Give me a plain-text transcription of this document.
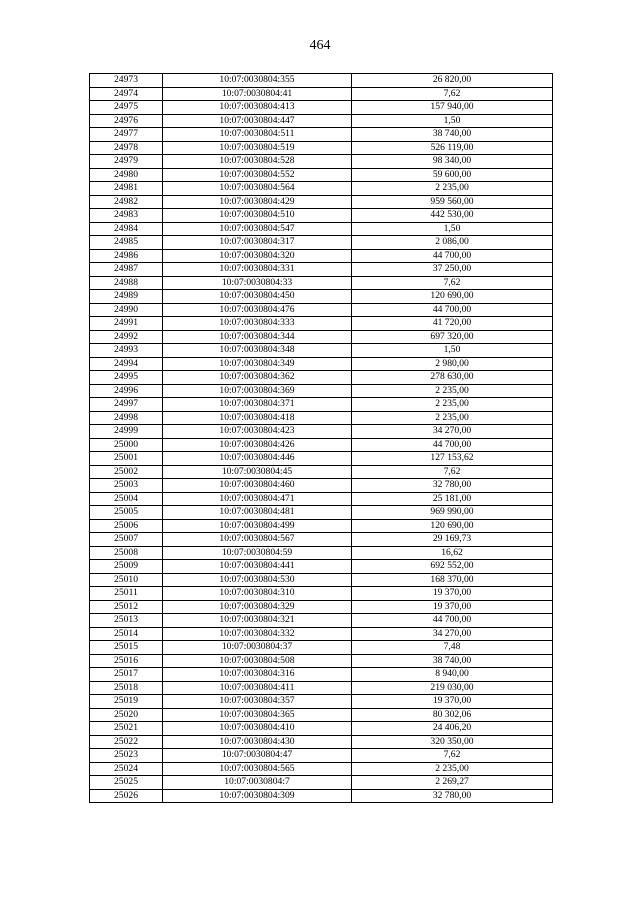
464
24973	10:07:0030804:355	26 820,00
24974	10:07:0030804:41	7,62
24975	10:07:0030804:413	157 940,00
24976	10:07:0030804:447	1,50
24977	10:07:0030804:511	38 740,00
24978	10:07:0030804:519	526 119,00
24979	10:07:0030804:528	98 340,00
24980	10:07:0030804:552	59 600,00
24981	10:07:0030804:564	2 235,00
24982	10:07:0030804:429	959 560,00
24983	10:07:0030804:510	442 530,00
24984	10:07:0030804:547	1,50
24985	10:07:0030804:317	2 086,00
24986	10:07:0030804:320	44 700,00
24987	10:07:0030804:331	37 250,00
24988	10:07:0030804:33	7,62
24989	10:07:0030804:450	120 690,00
24990	10:07:0030804:476	44 700,00
24991	10:07:0030804:333	41 720,00
24992	10:07:0030804:344	697 320,00
24993	10:07:0030804:348	1,50
24994	10:07:0030804:349	2 980,00
24995	10:07:0030804:362	278 630,00
24996	10:07:0030804:369	2 235,00
24997	10:07:0030804:371	2 235,00
24998	10:07:0030804:418	2 235,00
24999	10:07:0030804:423	34 270,00
25000	10:07:0030804:426	44 700,00
25001	10:07:0030804:446	127 153,62
25002	10:07:0030804:45	7,62
25003	10:07:0030804:460	32 780,00
25004	10:07:0030804:471	25 181,00
25005	10:07:0030804:481	969 990,00
25006	10:07:0030804:499	120 690,00
25007	10:07:0030804:567	29 169,73
25008	10:07:0030804:59	16,62
25009	10:07:0030804:441	692 552,00
25010	10:07:0030804:530	168 370,00
25011	10:07:0030804:310	19 370,00
25012	10:07:0030804:329	19 370,00
25013	10:07:0030804:321	44 700,00
25014	10:07:0030804:332	34 270,00
25015	10:07:0030804:37	7,48
25016	10:07:0030804:508	38 740,00
25017	10:07:0030804:316	8 940,00
25018	10:07:0030804:411	219 030,00
25019	10:07:0030804:357	19 370,00
25020	10:07:0030804:365	80 302,06
25021	10:07:0030804:410	24 406,20
25022	10:07:0030804:430	320 350,00
25023	10:07:0030804:47	7,62
25024	10:07:0030804:565	2 235,00
25025	10:07:0030804:7	2 269,27
25026	10:07:0030804:309	32 780,00
